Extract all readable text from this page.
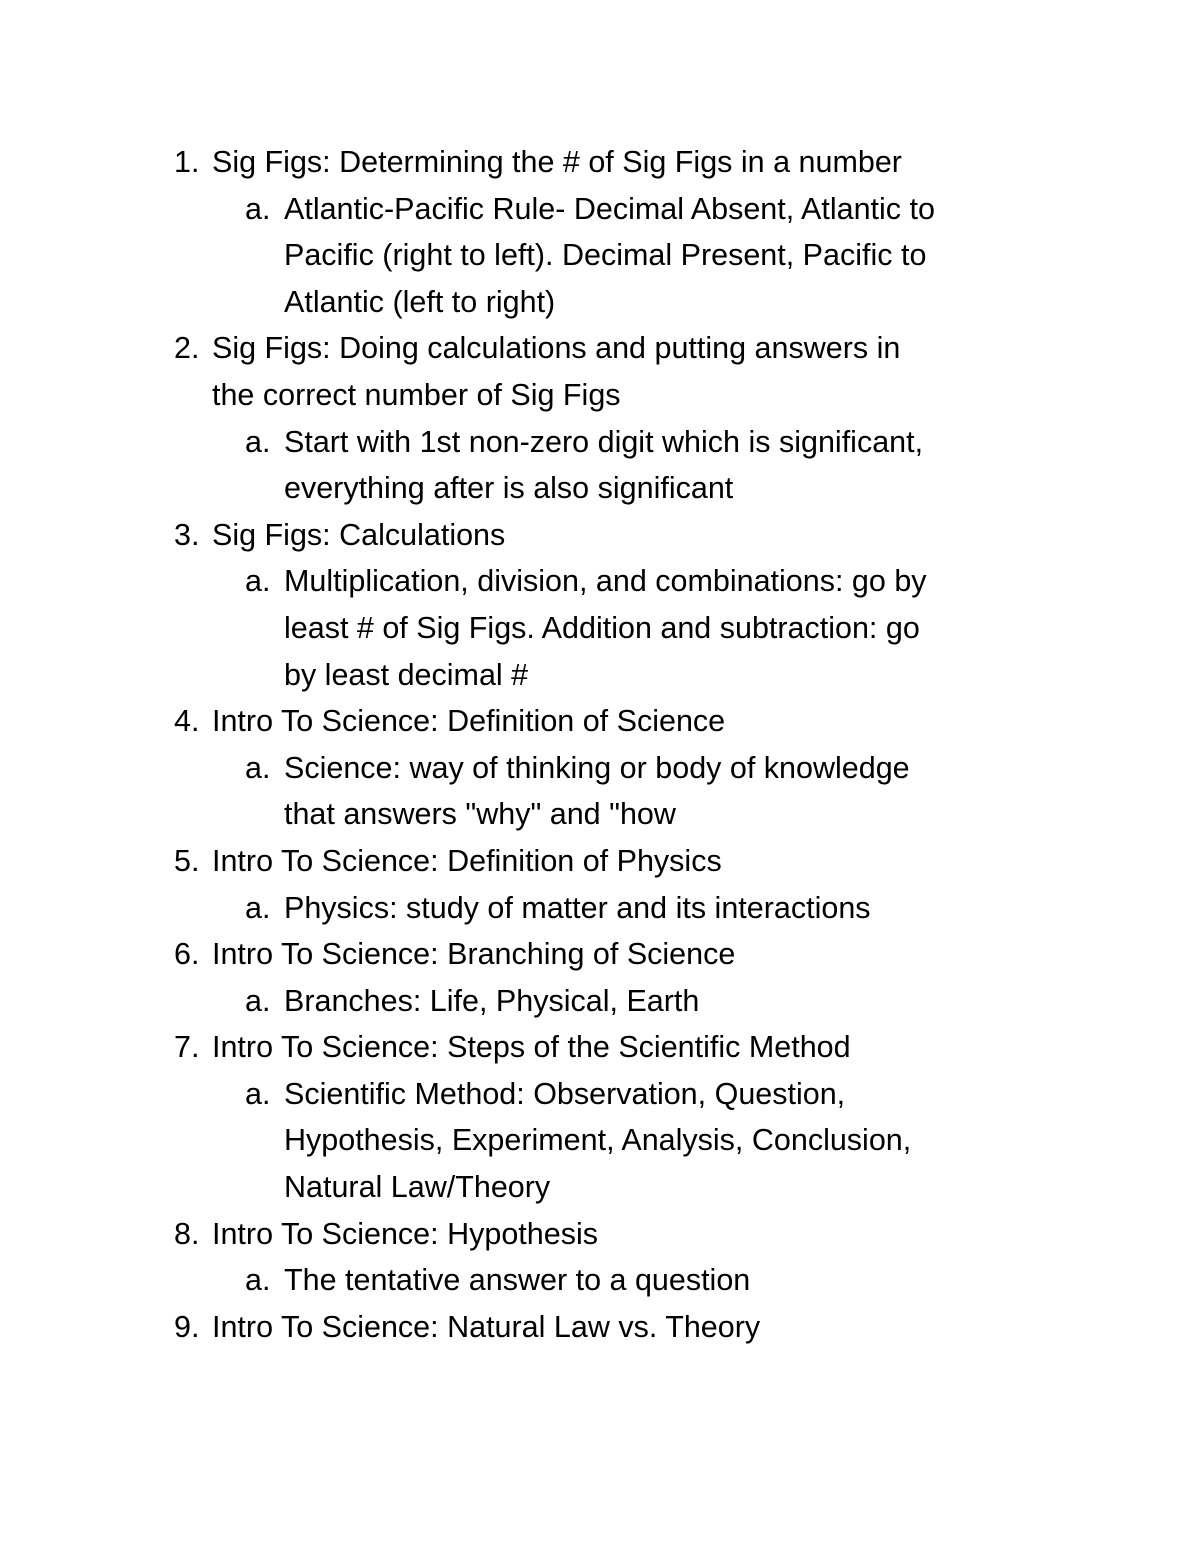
1. Sig Figs: Determining the # of Sig Figs in a number
a. Atlantic-Pacific Rule- Decimal Absent, Atlantic to
Pacific (right to left). Decimal Present, Pacific to
Atlantic (left to right)
2. Sig Figs: Doing calculations and putting answers in
the correct number of Sig Figs
a. Start with 1st non-zero digit which is significant,
everything after is also significant
3. Sig Figs: Calculations
a. Multiplication, division, and combinations: go by
least # of Sig Figs. Addition and subtraction: go
by least decimal #
4. Intro To Science: Definition of Science
a. Science: way of thinking or body of knowledge
that answers "why" and "how
5. Intro To Science: Definition of Physics
a. Physics: study of matter and its interactions
6. Intro To Science: Branching of Science
a. Branches: Life, Physical, Earth
7. Intro To Science: Steps of the Scientific Method
a. Scientific Method: Observation, Question,
Hypothesis, Experiment, Analysis, Conclusion,
Natural Law/Theory
8. Intro To Science: Hypothesis
a. The tentative answer to a question
9. Intro To Science: Natural Law vs. Theory
